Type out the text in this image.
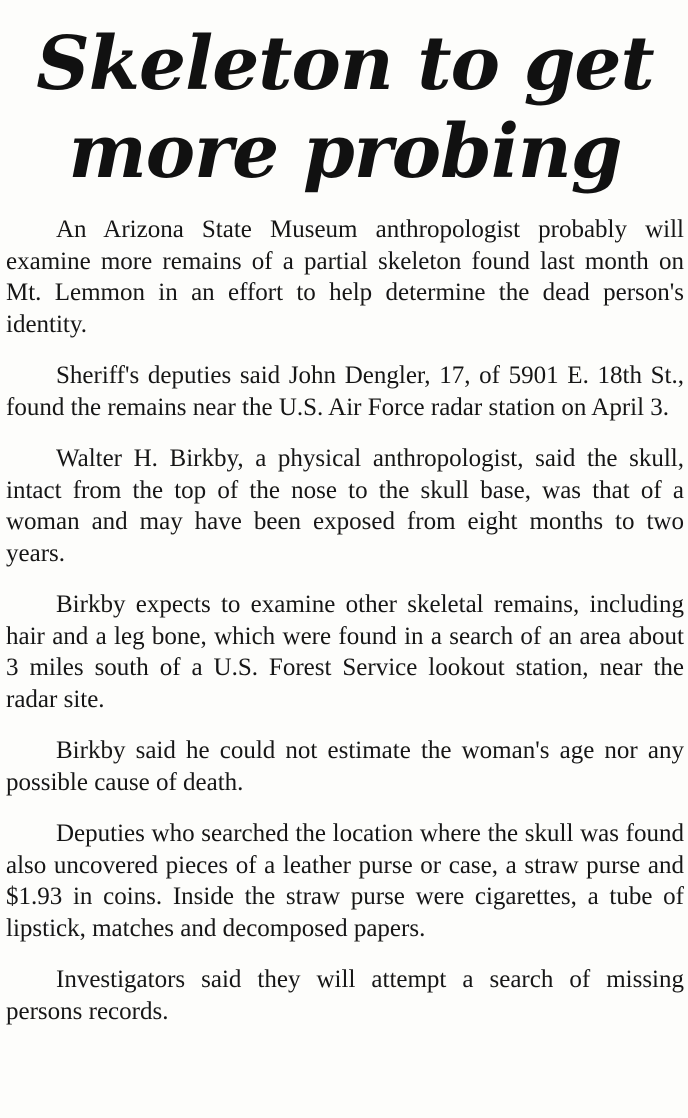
Skeleton to get
more probing

An Arizona State Museum anthropologist probably will examine more remains of a partial skeleton found last month on Mt. Lemmon in an effort to help determine the dead person's identity.

Sheriff's deputies said John Dengler, 17, of 5901 E. 18th St., found the remains near the U.S. Air Force radar station on April 3.

Walter H. Birkby, a physical anthropologist, said the skull, intact from the top of the nose to the skull base, was that of a woman and may have been exposed from eight months to two years.

Birkby expects to examine other skeletal remains, including hair and a leg bone, which were found in a search of an area about 3 miles south of a U.S. Forest Service lookout station, near the radar site.

Birkby said he could not estimate the woman's age nor any possible cause of death.

Deputies who searched the location where the skull was found also uncovered pieces of a leather purse or case, a straw purse and $1.93 in coins. Inside the straw purse were cigarettes, a tube of lipstick, matches and decomposed papers.

Investigators said they will attempt a search of missing persons records.
